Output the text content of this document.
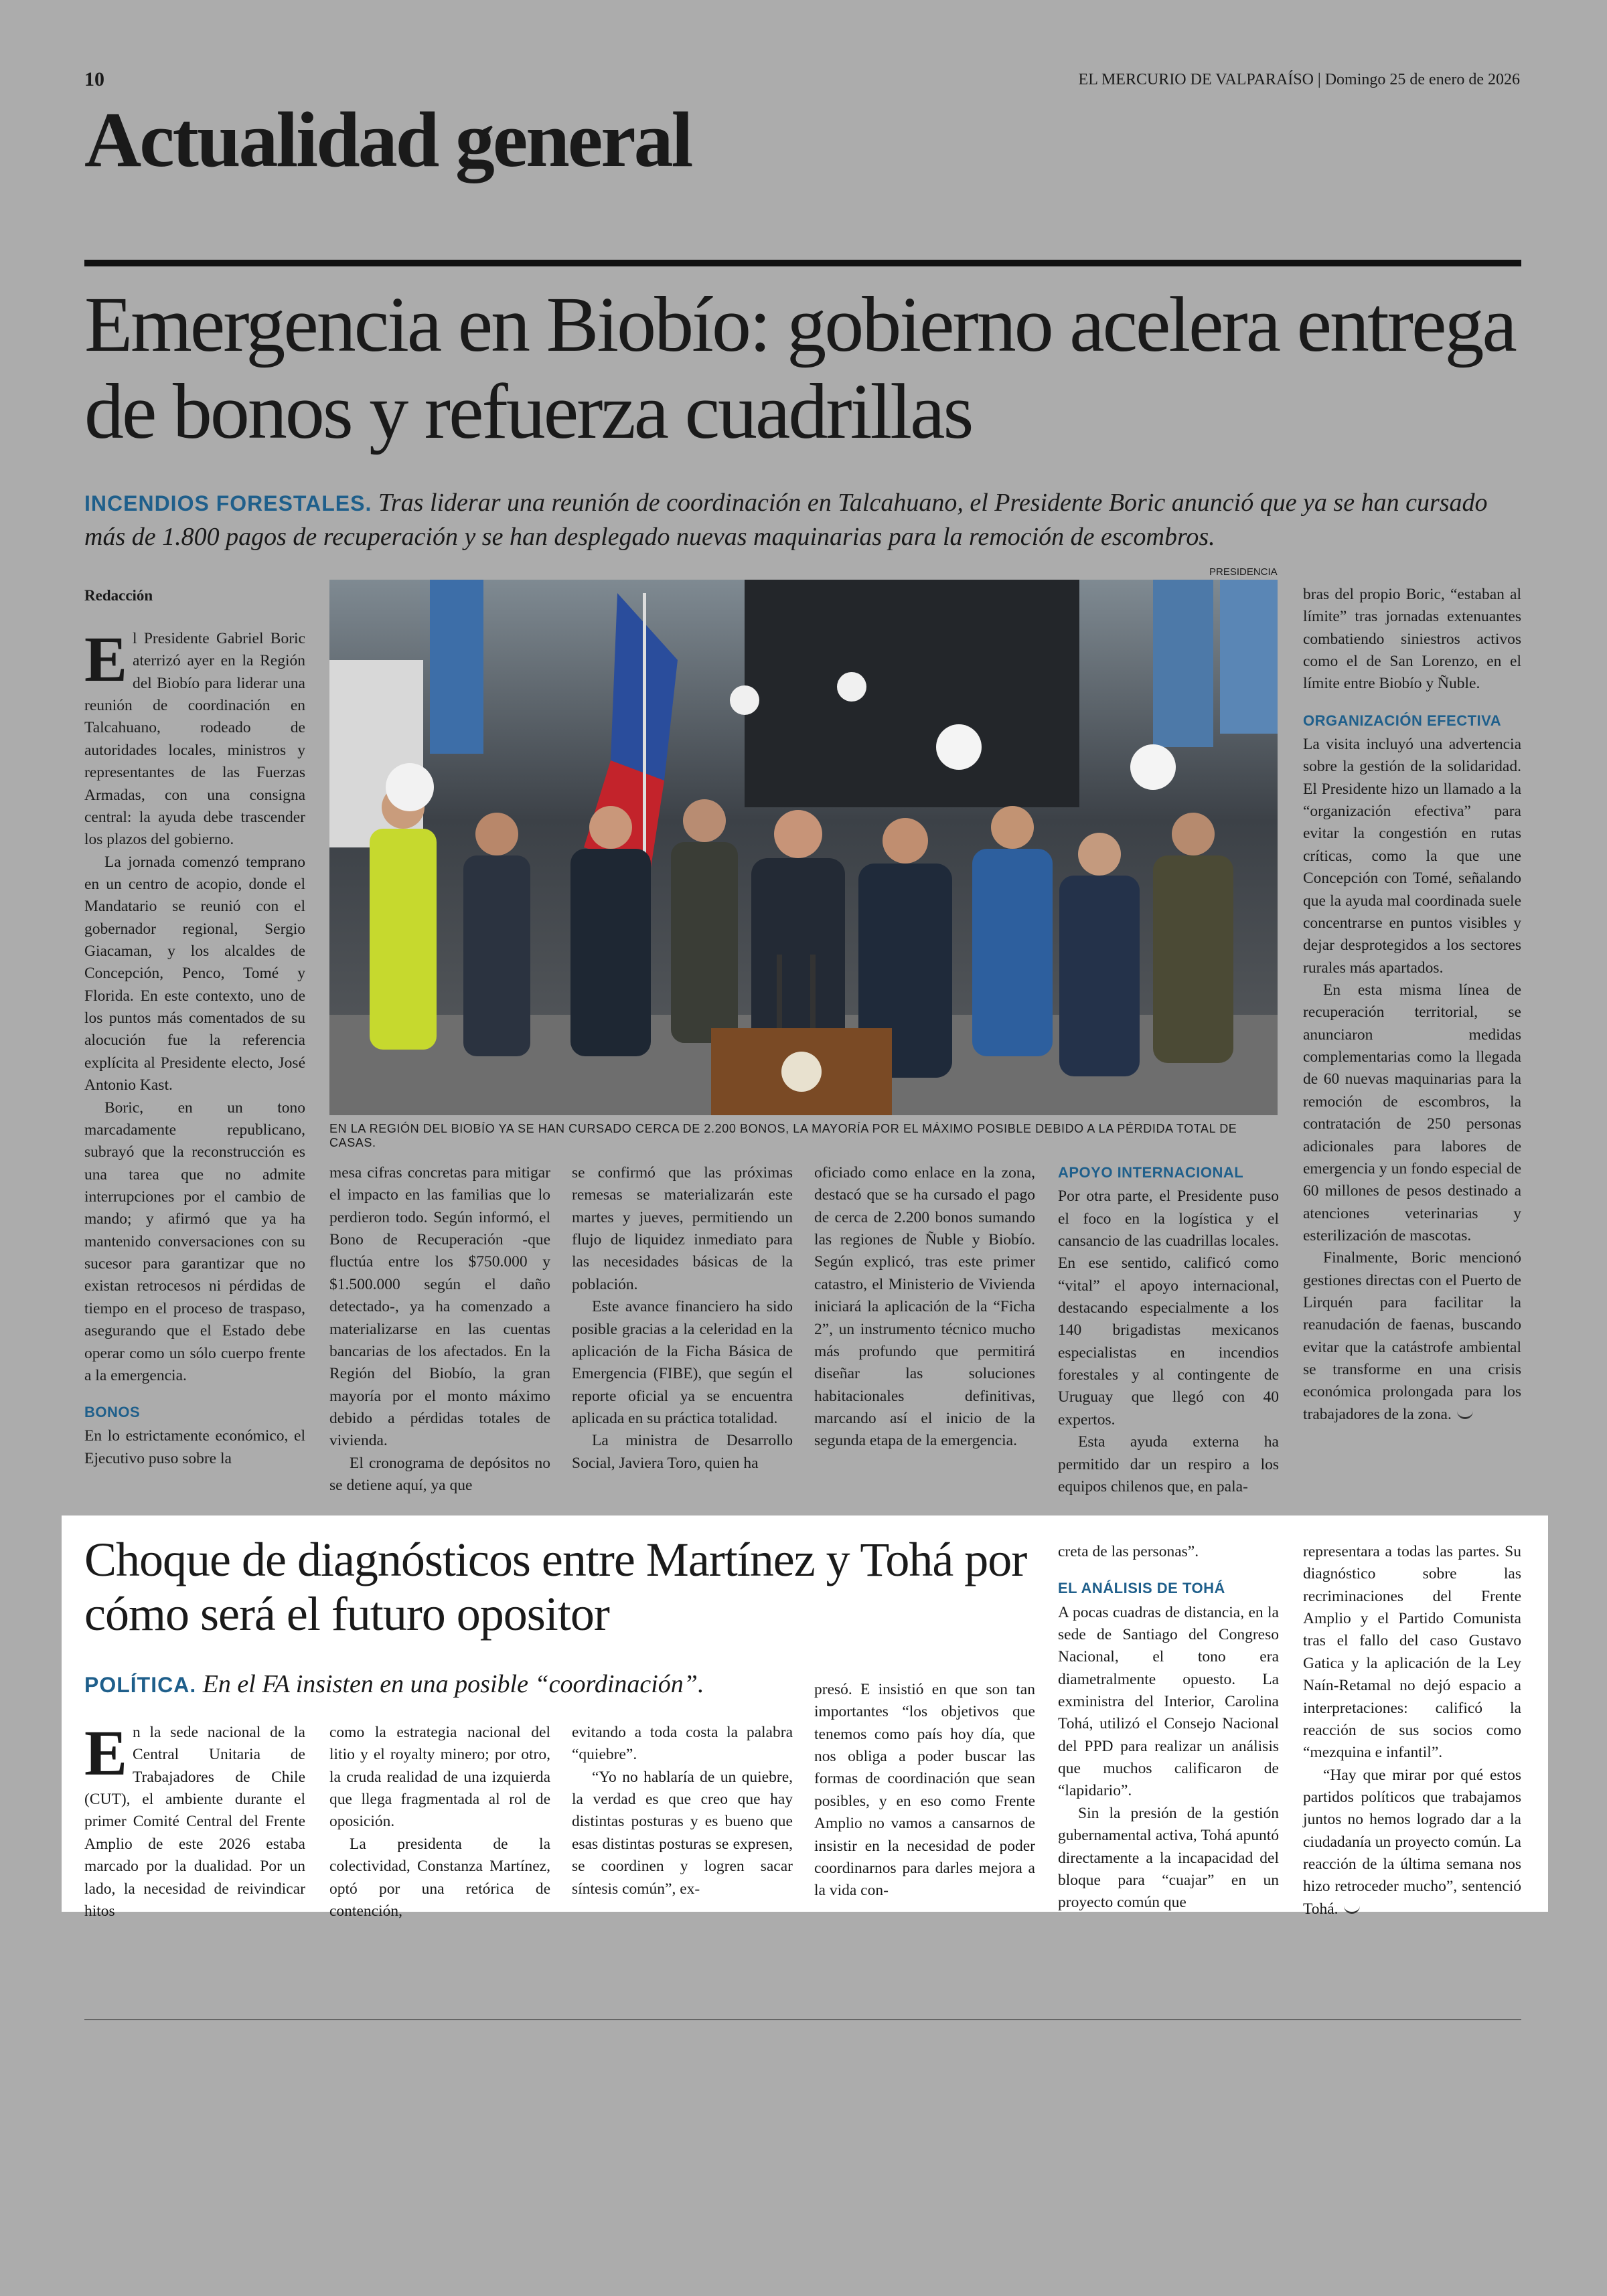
10	EL MERCURIO DE VALPARAÍSO | Domingo 25 de enero de 2026
Actualidad general
Emergencia en Biobío: gobierno acelera entrega de bonos y refuerza cuadrillas
INCENDIOS FORESTALES. Tras liderar una reunión de coordinación en Talcahuano, el Presidente Boric anunció que ya se han cursado más de 1.800 pagos de recuperación y se han desplegado nuevas maquinarias para la remoción de escombros.
Redacción

El Presidente Gabriel Boric aterrizó ayer en la Región del Biobío para liderar una reunión de coordinación en Talcahuano, rodeado de autoridades locales, ministros y representantes de las Fuerzas Armadas, con una consigna central: la ayuda debe trascender los plazos del gobierno.

La jornada comenzó temprano en un centro de acopio, donde el Mandatario se reunió con el gobernador regional, Sergio Giacaman, y los alcaldes de Concepción, Penco, Tomé y Florida. En este contexto, uno de los puntos más comentados de su alocución fue la referencia explícita al Presidente electo, José Antonio Kast.

Boric, en un tono marcadamente republicano, subrayó que la reconstrucción es una tarea que no admite interrupciones por el cambio de mando; y afirmó que ya ha mantenido conversaciones con su sucesor para garantizar que no existan retrocesos ni pérdidas de tiempo en el proceso de traspaso, asegurando que el Estado debe operar como un sólo cuerpo frente a la emergencia.

BONOS

En lo estrictamente económico, el Ejecutivo puso sobre la

PRESIDENCIA
EN LA REGIÓN DEL BIOBÍO YA SE HAN CURSADO CERCA DE 2.200 BONOS, LA MAYORÍA POR EL MÁXIMO POSIBLE DEBIDO A LA PÉRDIDA TOTAL DE CASAS.

mesa cifras concretas para mitigar el impacto en las familias que lo perdieron todo. Según informó, el Bono de Recuperación -que fluctúa entre los $750.000 y $1.500.000 según el daño detectado-, ya ha comenzado a materializarse en las cuentas bancarias de los afectados. En la Región del Biobío, la gran mayoría por el monto máximo debido a pérdidas totales de vivienda.

El cronograma de depósitos no se detiene aquí, ya que

se confirmó que las próximas remesas se materializarán este martes y jueves, permitiendo un flujo de liquidez inmediato para las necesidades básicas de la población.

Este avance financiero ha sido posible gracias a la celeridad en la aplicación de la Ficha Básica de Emergencia (FIBE), que según el reporte oficial ya se encuentra aplicada en su práctica totalidad.

La ministra de Desarrollo Social, Javiera Toro, quien ha

oficiado como enlace en la zona, destacó que se ha cursado el pago de cerca de 2.200 bonos sumando las regiones de Ñuble y Biobío. Según explicó, tras este primer catastro, el Ministerio de Vivienda iniciará la aplicación de la “Ficha 2”, un instrumento técnico mucho más profundo que permitirá diseñar las soluciones habitacionales definitivas, marcando así el inicio de la segunda etapa de la emergencia.

APOYO INTERNACIONAL

Por otra parte, el Presidente puso el foco en la logística y el cansancio de las cuadrillas locales. En ese sentido, calificó como “vital” el apoyo internacional, destacando especialmente a los 140 brigadistas mexicanos especialistas en incendios forestales y al contingente de Uruguay que llegó con 40 expertos.

Esta ayuda externa ha permitido dar un respiro a los equipos chilenos que, en pala-

bras del propio Boric, “estaban al límite” tras jornadas extenuantes combatiendo siniestros activos como el de San Lorenzo, en el límite entre Biobío y Ñuble.

ORGANIZACIÓN EFECTIVA

La visita incluyó una advertencia sobre la gestión de la solidaridad. El Presidente hizo un llamado a la “organización efectiva” para evitar la congestión en rutas críticas, como la que une Concepción con Tomé, señalando que la ayuda mal coordinada suele concentrarse en puntos visibles y dejar desprotegidos a los sectores rurales más apartados.

En esta misma línea de recuperación territorial, se anunciaron medidas complementarias como la llegada de 60 nuevas maquinarias para la remoción de escombros, la contratación de 250 personas adicionales para labores de emergencia y un fondo especial de 60 millones de pesos destinado a atenciones veterinarias y esterilización de mascotas.

Finalmente, Boric mencionó gestiones directas con el Puerto de Lirquén para facilitar la reanudación de faenas, buscando evitar que la catástrofe ambiental se transforme en una crisis económica prolongada para los trabajadores de la zona.

Choque de diagnósticos entre Martínez y Tohá por cómo será el futuro opositor
POLÍTICA. En el FA insisten en una posible “coordinación”.

En la sede nacional de la Central Unitaria de Trabajadores de Chile (CUT), el ambiente durante el primer Comité Central del Frente Amplio de este 2026 estaba marcado por la dualidad. Por un lado, la necesidad de reivindicar hitos

como la estrategia nacional del litio y el royalty minero; por otro, la cruda realidad de una izquierda que llega fragmentada al rol de oposición.

La presidenta de la colectividad, Constanza Martínez, optó por una retórica de contención,

evitando a toda costa la palabra “quiebre”.

“Yo no hablaría de un quiebre, la verdad es que creo que hay distintas posturas y es bueno que esas distintas posturas se expresen, se coordinen y logren sacar síntesis común”, ex-

presó. E insistió en que son tan importantes “los objetivos que tenemos como país hoy día, que nos obliga a poder buscar las formas de coordinación que sean posibles, y en eso como Frente Amplio no vamos a cansarnos de insistir en la necesidad de poder coordinarnos para darles mejora a la vida con-

creta de las personas”.

EL ANÁLISIS DE TOHÁ

A pocas cuadras de distancia, en la sede de Santiago del Congreso Nacional, el tono era diametralmente opuesto. La exministra del Interior, Carolina Tohá, utilizó el Consejo Nacional del PPD para realizar un análisis que muchos calificaron de “lapidario”.

Sin la presión de la gestión gubernamental activa, Tohá apuntó directamente a la incapacidad del bloque para “cuajar” en un proyecto común que

representara a todas las partes. Su diagnóstico sobre las recriminaciones del Frente Amplio y el Partido Comunista tras el fallo del caso Gustavo Gatica y la aplicación de la Ley Naín-Retamal no dejó espacio a interpretaciones: calificó la reacción de sus socios como “mezquina e infantil”.

“Hay que mirar por qué estos partidos políticos que trabajamos juntos no hemos logrado dar a la ciudadanía un proyecto común. La reacción de la última semana nos hizo retroceder mucho”, sentenció Tohá.
